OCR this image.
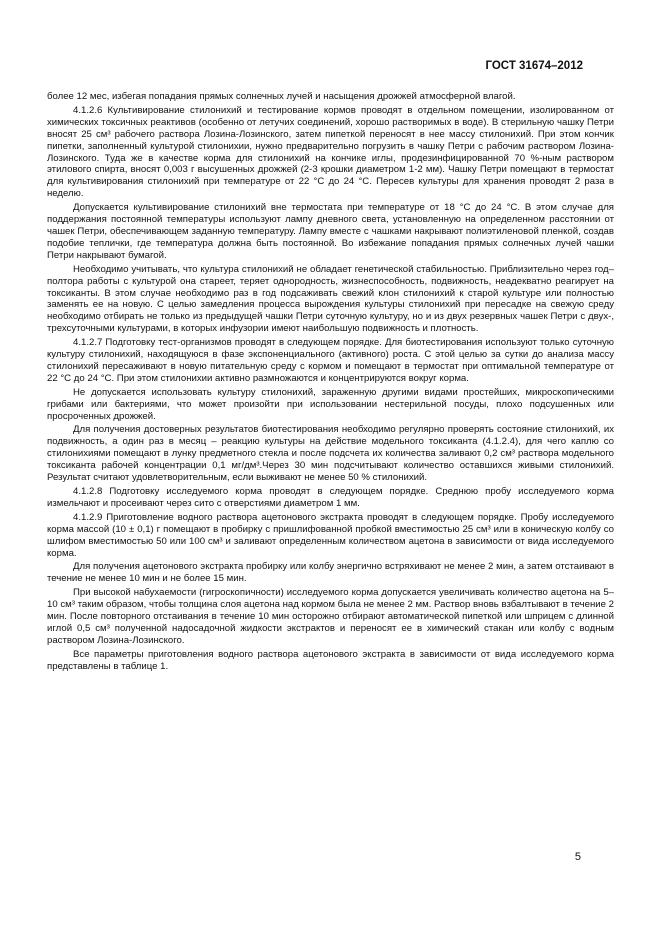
ГОСТ 31674–2012

более 12 мес, избегая попадания прямых солнечных лучей и насыщения дрожжей атмосферной влагой.

4.1.2.6 Культивирование стилонихий и тестирование кормов проводят в отдельном помещении, изолированном от химических токсичных реактивов (особенно от летучих соединений, хорошо растворимых в воде). В стерильную чашку Петри вносят 25 см³ рабочего раствора Лозина-Лозинского, затем пипеткой переносят в нее массу стилонихий. При этом кончик пипетки, заполненный культурой стилонихии, нужно предварительно погрузить в чашку Петри с рабочим раствором Лозина-Лозинского. Туда же в качестве корма для стилонихий на кончике иглы, продезинфицированной 70 %-ным раствором этилового спирта, вносят 0,003 г высушенных дрожжей (2-3 крошки диаметром 1-2 мм). Чашку Петри помещают в термостат для культивирования стилонихий при температуре от 22 °С до 24 °С. Пересев культуры для хранения проводят 2 раза в неделю.

Допускается культивирование стилонихий вне термостата при температуре от 18 °С до 24 °С. В этом случае для поддержания постоянной температуры используют лампу дневного света, установленную на определенном расстоянии от чашек Петри, обеспечивающем заданную температуру. Лампу вместе с чашками накрывают полиэтиленовой пленкой, создав подобие теплички, где температура должна быть постоянной. Во избежание попадания прямых солнечных лучей чашки Петри накрывают бумагой.

Необходимо учитывать, что культура стилонихий не обладает генетической стабильностью. Приблизительно через год–полтора работы с культурой она стареет, теряет однородность, жизнеспособность, подвижность, неадекватно реагирует на токсиканты. В этом случае необходимо раз в год подсаживать свежий клон стилонихий к старой культуре или полностью заменять ее на новую. С целью замедления процесса вырождения культуры стилонихий при пересадке на свежую среду необходимо отбирать не только из предыдущей чашки Петри суточную культуру, но и из двух резервных чашек Петри с двух-, трехсуточными культурами, в которых инфузории имеют наибольшую подвижность и плотность.

4.1.2.7 Подготовку тест-организмов проводят в следующем порядке. Для биотестирования используют только суточную культуру стилонихий, находящуюся в фазе экспоненциального (активного) роста. С этой целью за сутки до анализа массу стилонихий пересаживают в новую питательную среду с кормом и помещают в термостат при оптимальной температуре от 22 °С до 24 °С. При этом стилонихии активно размножаются и концентрируются вокруг корма.

Не допускается использовать культуру стилонихий, зараженную другими видами простейших, микроскопическими грибами или бактериями, что может произойти при использовании нестерильной посуды, плохо подсушенных или просроченных дрожжей.

Для получения достоверных результатов биотестирования необходимо регулярно проверять состояние стилонихий, их подвижность, а один раз в месяц – реакцию культуры на действие модельного токсиканта (4.1.2.4), для чего каплю со стилонихиями помещают в лунку предметного стекла и после подсчета их количества заливают 0,2 см³ раствора модельного токсиканта рабочей концентрации 0,1 мг/дм³.Через 30 мин подсчитывают количество оставшихся живыми стилонихий. Результат считают удовлетворительным, если выживают не менее 50 % стилонихий.

4.1.2.8 Подготовку исследуемого корма проводят в следующем порядке. Среднюю пробу исследуемого корма измельчают и просеивают через сито с отверстиями диаметром 1 мм.

4.1.2.9 Приготовление водного раствора ацетонового экстракта проводят в следующем порядке. Пробу исследуемого корма массой (10 ± 0,1) г помещают в пробирку с пришлифованной пробкой вместимостью 25 см³ или в коническую колбу со шлифом вместимостью 50 или 100 см³ и заливают определенным количеством ацетона в зависимости от вида исследуемого корма.

Для получения ацетонового экстракта пробирку или колбу энергично встряхивают не менее 2 мин, а затем отстаивают в течение не менее 10 мин и не более 15 мин.

При высокой набухаемости (гигроскопичности) исследуемого корма допускается увеличивать количество ацетона на 5–10 см³ таким образом, чтобы толщина слоя ацетона над кормом была не менее 2 мм. Раствор вновь взбалтывают в течение 2 мин. После повторного отстаивания в течение 10 мин осторожно отбирают автоматической пипеткой или шприцем с длинной иглой 0,5 см³ полученной надосадочной жидкости экстрактов и переносят ее в химический стакан или колбу с водным раствором Лозина-Лозинского.

Все параметры приготовления водного раствора ацетонового экстракта в зависимости от вида исследуемого корма представлены в таблице 1.

5
